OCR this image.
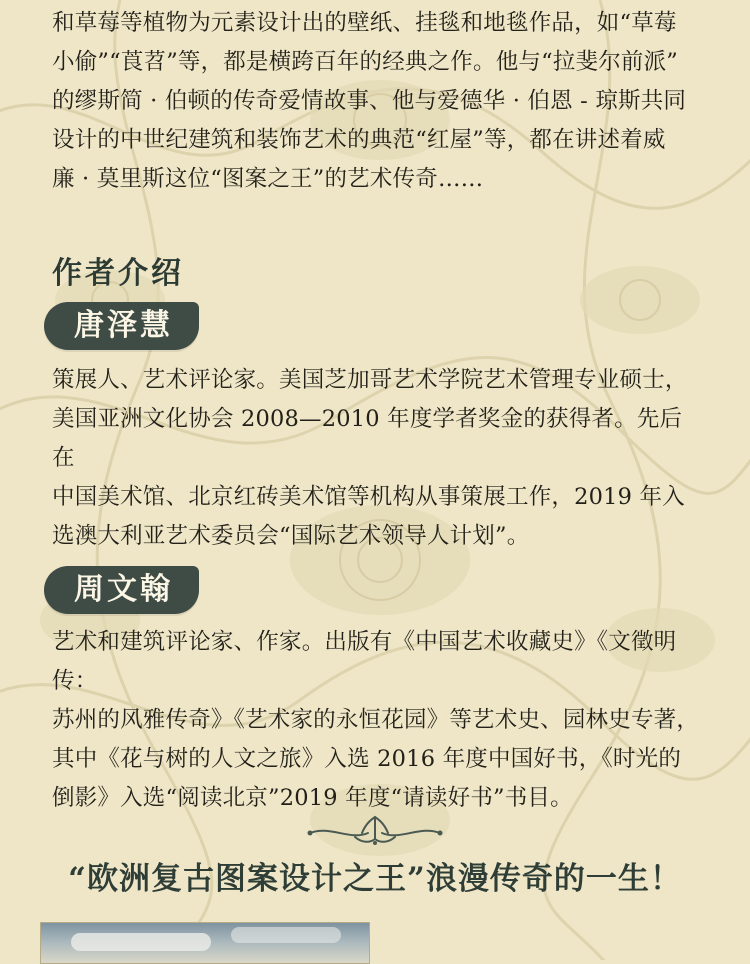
和草莓等植物为元素设计出的壁纸、挂毯和地毯作品，如“草莓
小偷”“莨苕”等，都是横跨百年的经典之作。他与“拉斐尔前派”
的缪斯简 · 伯顿的传奇爱情故事、他与爱德华 · 伯恩 - 琼斯共同
设计的中世纪建筑和装饰艺术的典范“红屋”等，都在讲述着威
廉 · 莫里斯这位“图案之王”的艺术传奇……
作者介绍
唐泽慧
策展人、艺术评论家。美国芝加哥艺术学院艺术管理专业硕士，
美国亚洲文化协会 2008—2010 年度学者奖金的获得者。先后在
中国美术馆、北京红砖美术馆等机构从事策展工作，2019 年入
选澳大利亚艺术委员会“国际艺术领导人计划”。
周文翰
艺术和建筑评论家、作家。出版有《中国艺术收藏史》《文徵明传：
苏州的风雅传奇》《艺术家的永恒花园》等艺术史、园林史专著，
其中《花与树的人文之旅》入选 2016 年度中国好书，《时光的
倒影》入选“阅读北京”2019 年度“请读好书”书目。
“欧洲复古图案设计之王”浪漫传奇的一生！
